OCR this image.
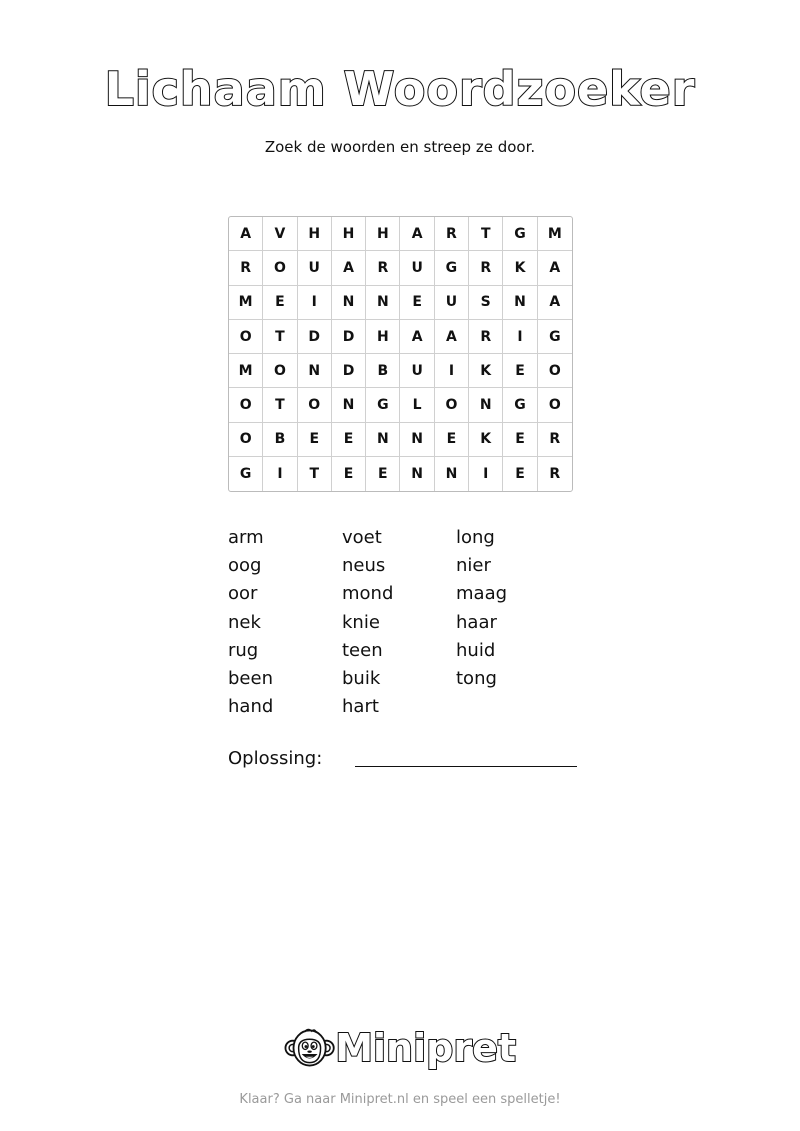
Lichaam Woordzoeker
Zoek de woorden en streep ze door.
A	V	H	H	H	A	R	T	G	M
R	O	U	A	R	U	G	R	K	A
M	E	I	N	N	E	U	S	N	A
O	T	D	D	H	A	A	R	I	G
M	O	N	D	B	U	I	K	E	O
O	T	O	N	G	L	O	N	G	O
O	B	E	E	N	N	E	K	E	R
G	I	T	E	E	N	N	I	E	R
arm
oog
oor
nek
rug
been
hand
voet
neus
mond
knie
teen
buik
hart
long
nier
maag
haar
huid
tong
Oplossing:
Minipret
Klaar? Ga naar Minipret.nl en speel een spelletje!
